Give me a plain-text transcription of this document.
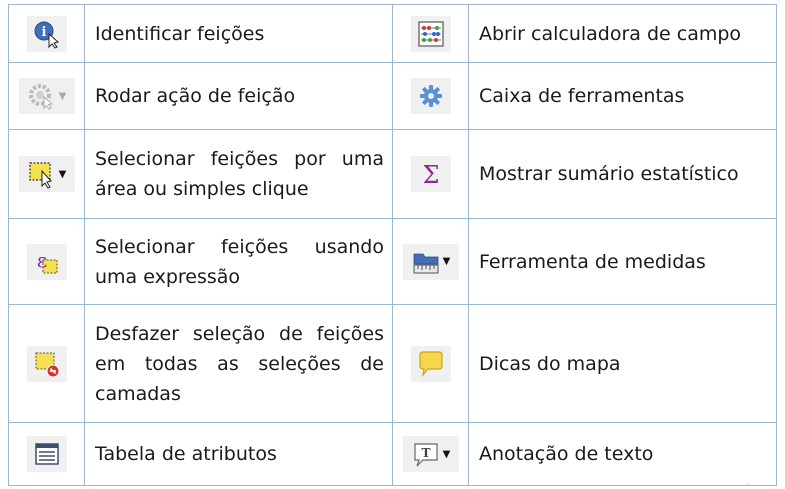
i	Identificar feições		Abrir calculadora de campo

▼	Rodar ação de feição		Caixa de ferramentas

▼	Selecionar feições por uma área ou simples clique	Σ	Mostrar sumário estatístico

ε	Selecionar feições usando uma expressão	▼	Ferramenta de medidas

	Desfazer seleção de feições em todas as seleções de camadas		Dicas do mapa

	Tabela de atributos	T ▼	Anotação de texto
.
